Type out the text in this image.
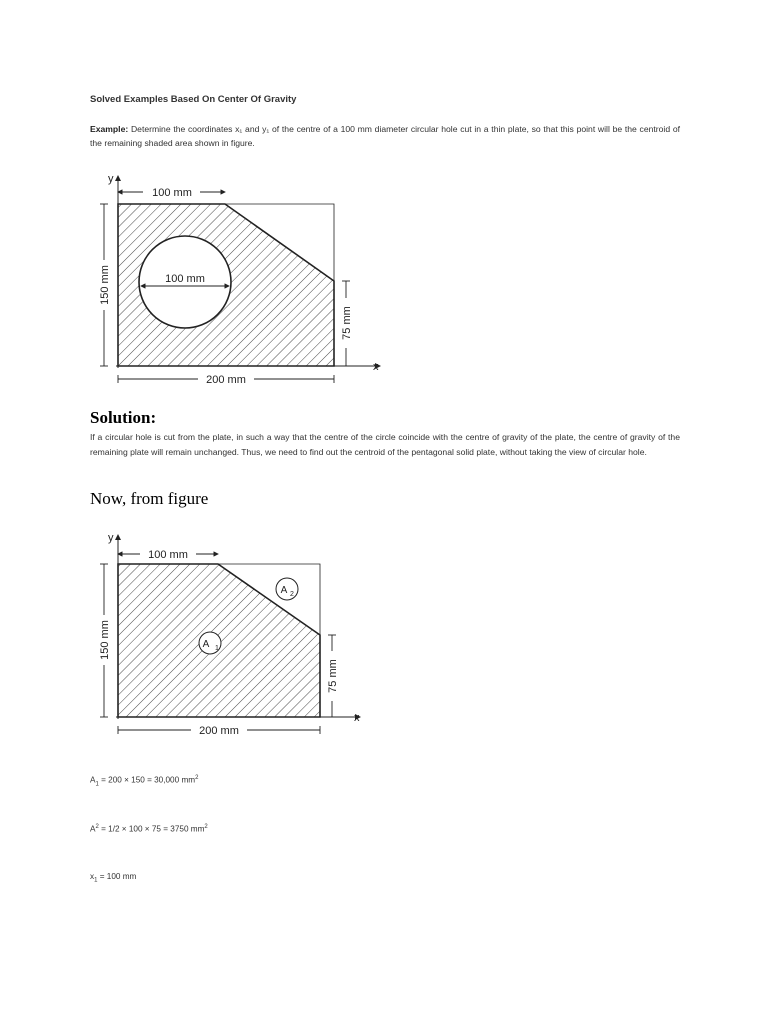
Solved Examples Based On Center Of Gravity
Example: Determine the coordinates x₁ and y₁ of the centre of a 100 mm diameter circular hole cut in a thin plate, so that this point will be the centroid of the remaining shaded area shown in figure.
100 mm
y
x
100 mm
150 mm
75 mm
200 mm
Solution:
If a circular hole is cut from the plate, in such a way that the centre of the circle coincide with the centre of gravity of the plate, the centre of gravity of the remaining plate will remain unchanged. Thus, we need to find out the centroid of the pentagonal solid plate, without taking the view of circular hole.
Now, from figure
A 1
A 2
y
x
100 mm
150 mm
75 mm
200 mm
$A_1 = 200 \times 150 = 30,000$ $mm^2$
$A^2 = 1/2 \times 100 \times 75 = 3750$ $mm^2$
$x_1 = 100$ mm
